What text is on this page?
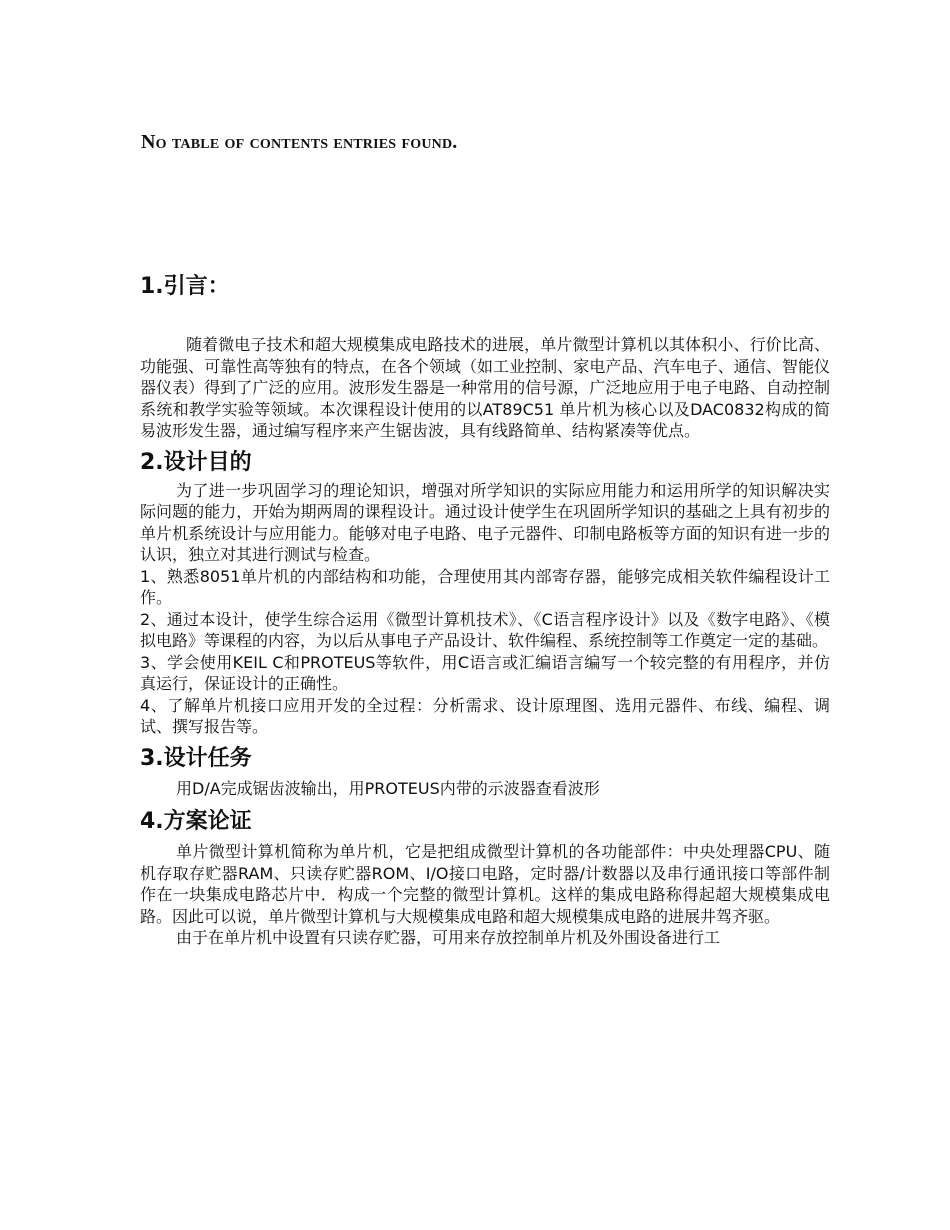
No table of contents entries found.

1.引言：

随着微电子技术和超大规模集成电路技术的进展，单片微型计算机以其体积小、行价比高、功能强、可靠性高等独有的特点，在各个领域（如工业控制、家电产品、汽车电子、通信、智能仪器仪表）得到了广泛的应用。波形发生器是一种常用的信号源，广泛地应用于电子电路、自动控制系统和教学实验等领域。本次课程设计使用的以AT89C51 单片机为核心以及DAC0832构成的简易波形发生器，通过编写程序来产生锯齿波，具有线路简单、结构紧凑等优点。

2.设计目的

为了进一步巩固学习的理论知识，增强对所学知识的实际应用能力和运用所学的知识解决实际问题的能力，开始为期两周的课程设计。通过设计使学生在巩固所学知识的基础之上具有初步的单片机系统设计与应用能力。能够对电子电路、电子元器件、印制电路板等方面的知识有进一步的认识，独立对其进行测试与检查。

1、熟悉8051单片机的内部结构和功能，合理使用其内部寄存器，能够完成相关软件编程设计工作。

2、通过本设计，使学生综合运用《微型计算机技术》、《C语言程序设计》以及《数字电路》、《模拟电路》等课程的内容，为以后从事电子产品设计、软件编程、系统控制等工作奠定一定的基础。

3、学会使用KEIL C和PROTEUS等软件，用C语言或汇编语言编写一个较完整的有用程序，并仿真运行，保证设计的正确性。

4、了解单片机接口应用开发的全过程：分析需求、设计原理图、选用元器件、布线、编程、调试、撰写报告等。

3.设计任务

用D/A完成锯齿波输出，用PROTEUS内带的示波器查看波形

4.方案论证

单片微型计算机简称为单片机，它是把组成微型计算机的各功能部件：中央处理器CPU、随机存取存贮器RAM、只读存贮器ROM、I/O接口电路，定时器/计数器以及串行通讯接口等部件制作在一块集成电路芯片中．构成一个完整的微型计算机。这样的集成电路称得起超大规模集成电路。因此可以说，单片微型计算机与大规模集成电路和超大规模集成电路的进展井驾齐驱。

由于在单片机中设置有只读存贮器，可用来存放控制单片机及外围设备进行工
